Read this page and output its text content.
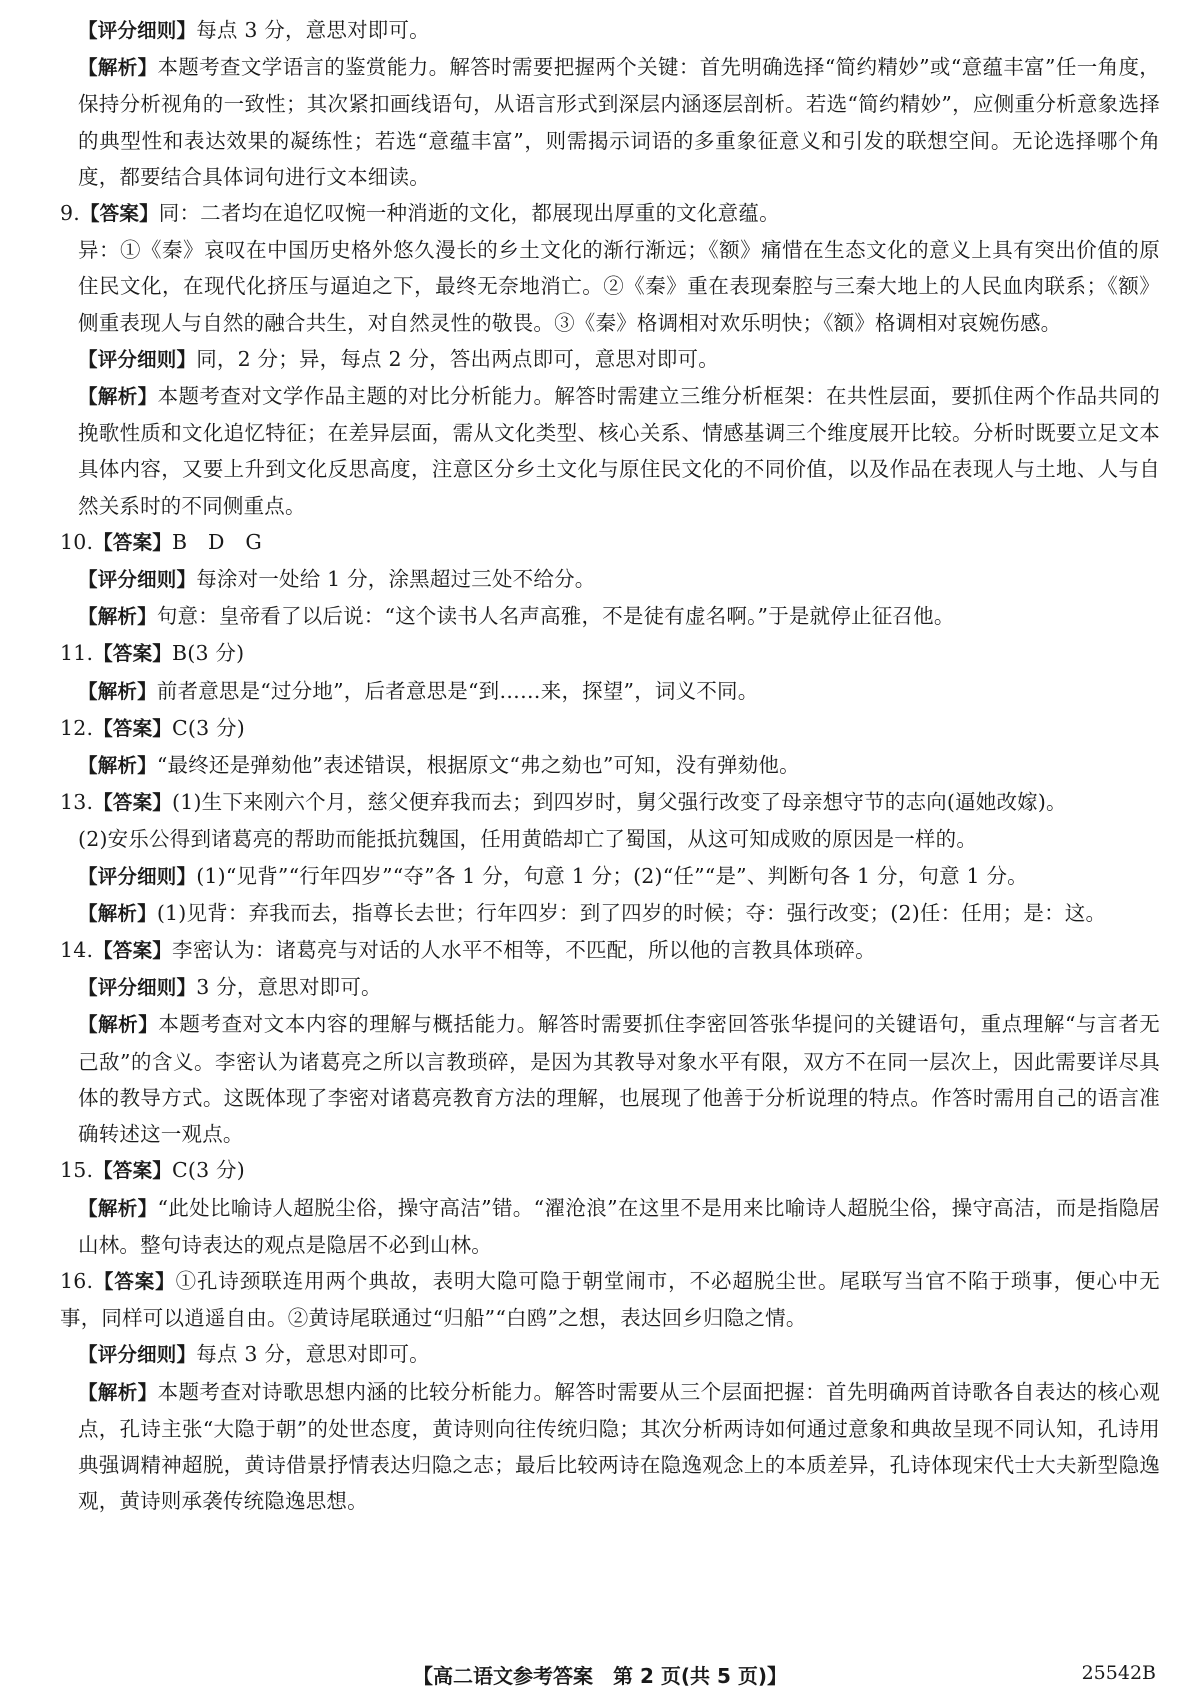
【评分细则】每点 3 分，意思对即可。

【解析】本题考查文学语言的鉴赏能力。解答时需要把握两个关键：首先明确选择“简约精妙”或“意蕴丰富”任一角度，保持分析视角的一致性；其次紧扣画线语句，从语言形式到深层内涵逐层剖析。若选“简约精妙”，应侧重分析意象选择的典型性和表达效果的凝练性；若选“意蕴丰富”，则需揭示词语的多重象征意义和引发的联想空间。无论选择哪个角度，都要结合具体词句进行文本细读。

9.【答案】同：二者均在追忆叹惋一种消逝的文化，都展现出厚重的文化意蕴。

异：①《秦》哀叹在中国历史格外悠久漫长的乡土文化的渐行渐远；《额》痛惜在生态文化的意义上具有突出价值的原住民文化，在现代化挤压与逼迫之下，最终无奈地消亡。②《秦》重在表现秦腔与三秦大地上的人民血肉联系；《额》侧重表现人与自然的融合共生，对自然灵性的敬畏。③《秦》格调相对欢乐明快；《额》格调相对哀婉伤感。

【评分细则】同，2 分；异，每点 2 分，答出两点即可，意思对即可。

【解析】本题考查对文学作品主题的对比分析能力。解答时需建立三维分析框架：在共性层面，要抓住两个作品共同的挽歌性质和文化追忆特征；在差异层面，需从文化类型、核心关系、情感基调三个维度展开比较。分析时既要立足文本具体内容，又要上升到文化反思高度，注意区分乡土文化与原住民文化的不同价值，以及作品在表现人与土地、人与自然关系时的不同侧重点。

10.【答案】B　D　G

【评分细则】每涂对一处给 1 分，涂黑超过三处不给分。

【解析】句意：皇帝看了以后说：“这个读书人名声高雅，不是徒有虚名啊。”于是就停止征召他。

11.【答案】B(3 分)

【解析】前者意思是“过分地”，后者意思是“到……来，探望”，词义不同。

12.【答案】C(3 分)

【解析】“最终还是弹劾他”表述错误，根据原文“弗之劾也”可知，没有弹劾他。

13.【答案】(1)生下来刚六个月，慈父便弃我而去；到四岁时，舅父强行改变了母亲想守节的志向(逼她改嫁)。

(2)安乐公得到诸葛亮的帮助而能抵抗魏国，任用黄皓却亡了蜀国，从这可知成败的原因是一样的。

【评分细则】(1)“见背”“行年四岁”“夺”各 1 分，句意 1 分；(2)“任”“是”、判断句各 1 分，句意 1 分。

【解析】(1)见背：弃我而去，指尊长去世；行年四岁：到了四岁的时候；夺：强行改变；(2)任：任用；是：这。

14.【答案】李密认为：诸葛亮与对话的人水平不相等，不匹配，所以他的言教具体琐碎。

【评分细则】3 分，意思对即可。

【解析】本题考查对文本内容的理解与概括能力。解答时需要抓住李密回答张华提问的关键语句，重点理解“与言者无己敌”的含义。李密认为诸葛亮之所以言教琐碎，是因为其教导对象水平有限，双方不在同一层次上，因此需要详尽具体的教导方式。这既体现了李密对诸葛亮教育方法的理解，也展现了他善于分析说理的特点。作答时需用自己的语言准确转述这一观点。

15.【答案】C(3 分)

【解析】“此处比喻诗人超脱尘俗，操守高洁”错。“濯沧浪”在这里不是用来比喻诗人超脱尘俗，操守高洁，而是指隐居山林。整句诗表达的观点是隐居不必到山林。

16.【答案】①孔诗颈联连用两个典故，表明大隐可隐于朝堂闹市，不必超脱尘世。尾联写当官不陷于琐事，便心中无事，同样可以逍遥自由。②黄诗尾联通过“归船”“白鸥”之想，表达回乡归隐之情。

【评分细则】每点 3 分，意思对即可。

【解析】本题考查对诗歌思想内涵的比较分析能力。解答时需要从三个层面把握：首先明确两首诗歌各自表达的核心观点，孔诗主张“大隐于朝”的处世态度，黄诗则向往传统归隐；其次分析两诗如何通过意象和典故呈现不同认知，孔诗用典强调精神超脱，黄诗借景抒情表达归隐之志；最后比较两诗在隐逸观念上的本质差异，孔诗体现宋代士大夫新型隐逸观，黄诗则承袭传统隐逸思想。

【高二语文参考答案　第 2 页(共 5 页)】	25542B
